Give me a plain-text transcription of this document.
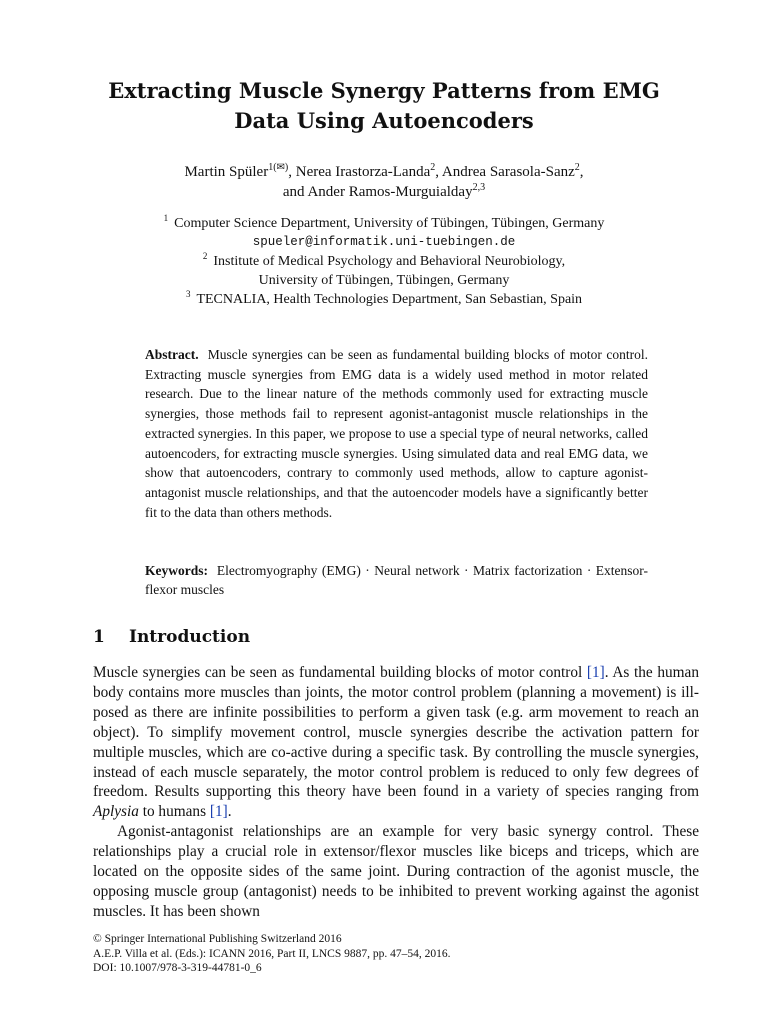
Extracting Muscle Synergy Patterns from EMG
Data Using Autoencoders
Martin Spüler$^{1(✉)}$, Nerea Irastorza-Landa$^2$, Andrea Sarasola-Sanz$^2$,
and Ander Ramos-Murguialday$^{2,3}$
$^1$ Computer Science Department, University of Tübingen, Tübingen, Germany
spueler@informatik.uni-tuebingen.de
$^2$ Institute of Medical Psychology and Behavioral Neurobiology,
University of Tübingen, Tübingen, Germany
$^3$ TECNALIA, Health Technologies Department, San Sebastian, Spain
Abstract. Muscle synergies can be seen as fundamental building blocks of motor control. Extracting muscle synergies from EMG data is a widely used method in motor related research. Due to the linear nature of the methods commonly used for extracting muscle synergies, those methods fail to represent agonist-antagonist muscle relationships in the extracted synergies. In this paper, we propose to use a special type of neural networks, called autoencoders, for extracting muscle synergies. Using simulated data and real EMG data, we show that autoencoders, contrary to commonly used methods, allow to capture agonist-antagonist muscle relationships, and that the autoencoder models have a significantly better fit to the data than others methods.
Keywords: Electromyography (EMG) · Neural network · Matrix factorization · Extensor-flexor muscles
1 Introduction

Muscle synergies can be seen as fundamental building blocks of motor control [1]. As the human body contains more muscles than joints, the motor control problem (planning a movement) is ill-posed as there are infinite possibilities to perform a given task (e.g. arm movement to reach an object). To simplify movement control, muscle synergies describe the activation pattern for multiple muscles, which are co-active during a specific task. By controlling the muscle synergies, instead of each muscle separately, the motor control problem is reduced to only few degrees of freedom. Results supporting this theory have been found in a variety of species ranging from Aplysia to humans [1].

Agonist-antagonist relationships are an example for very basic synergy control. These relationships play a crucial role in extensor/flexor muscles like biceps and triceps, which are located on the opposite sides of the same joint. During contraction of the agonist muscle, the opposing muscle group (antagonist) needs to be inhibited to prevent working against the agonist muscles. It has been shown

© Springer International Publishing Switzerland 2016
A.E.P. Villa et al. (Eds.): ICANN 2016, Part II, LNCS 9887, pp. 47–54, 2016.
DOI: 10.1007/978-3-319-44781-0_6
